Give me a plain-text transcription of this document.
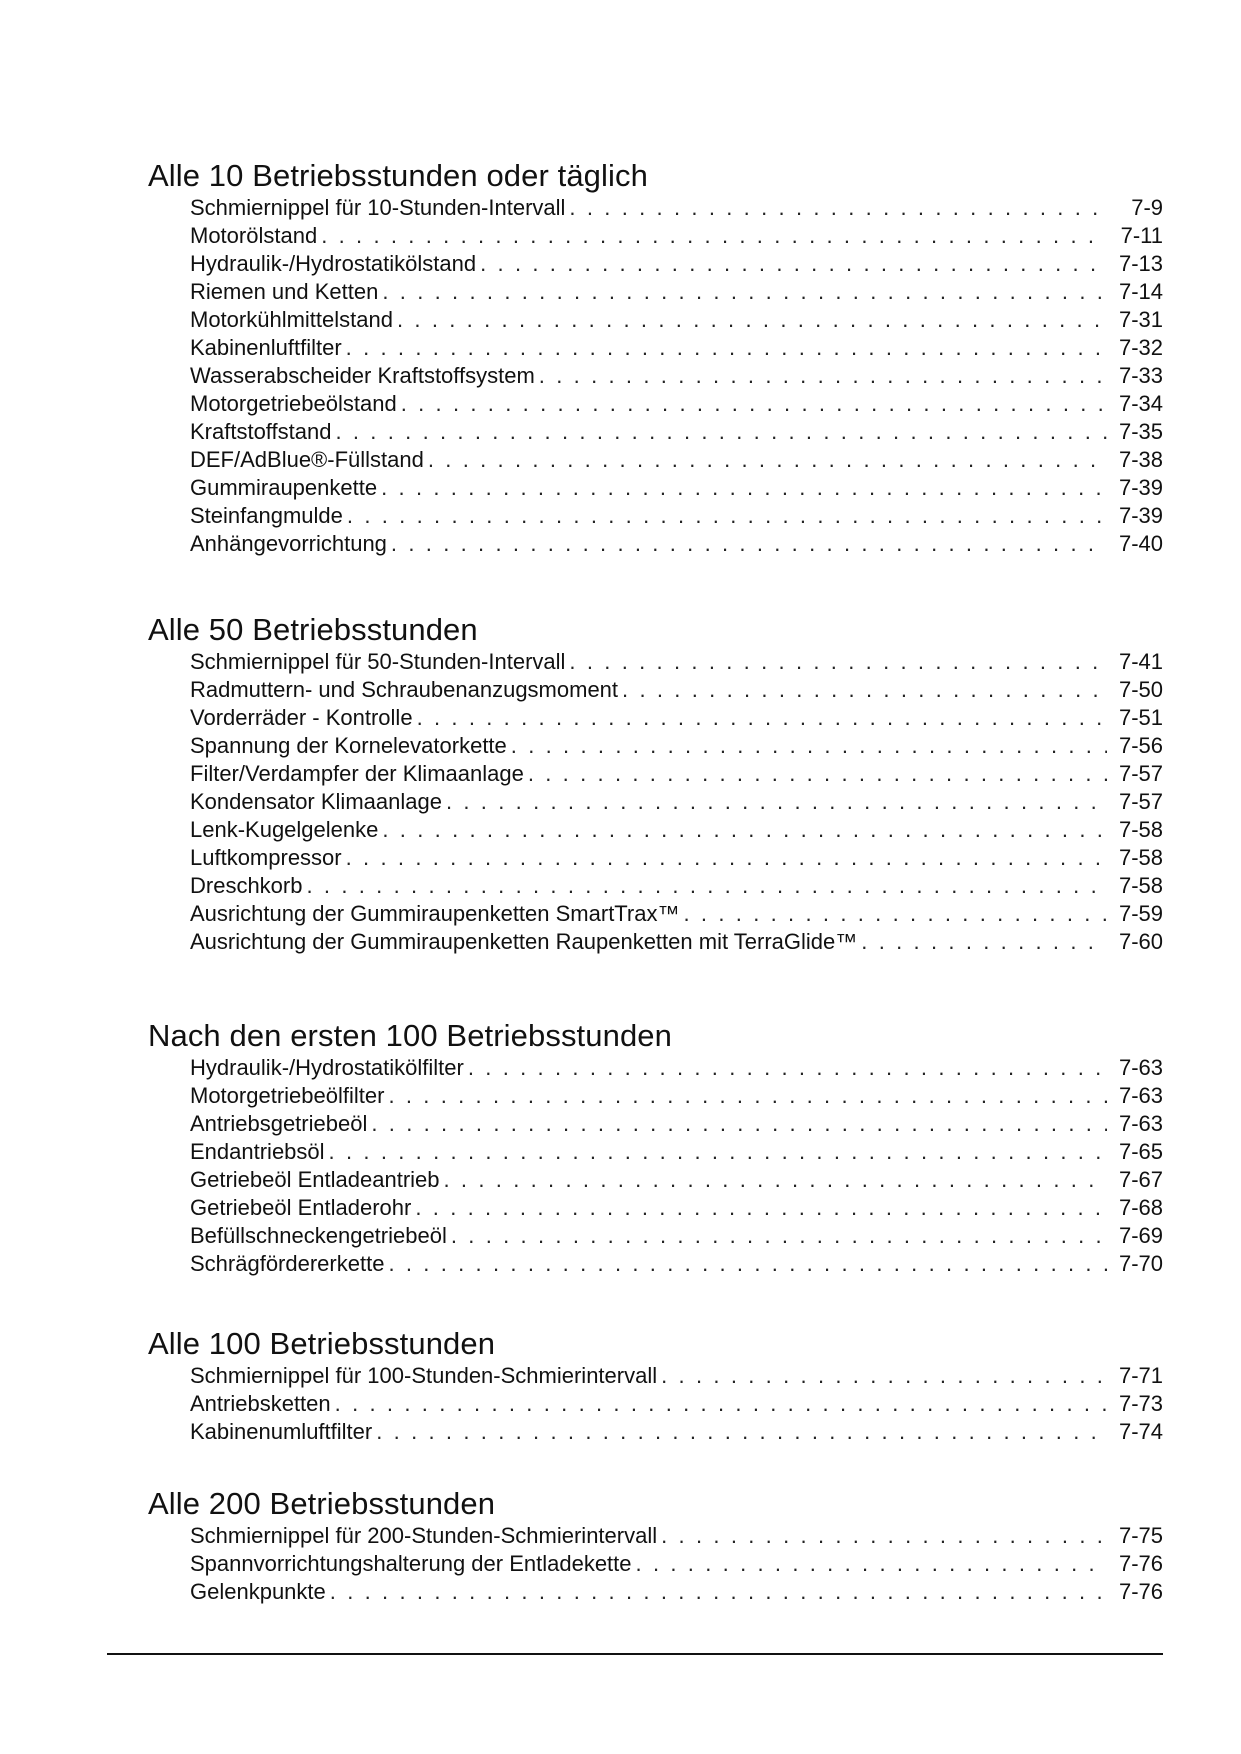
Alle 10 Betriebsstunden oder täglich
Schmiernippel für 10-Stunden-Intervall . . .	7-9
Motorölstand . . .	7-11
Hydraulik-/Hydrostatikölstand . . .	7-13
Riemen und Ketten . . .	7-14
Motorkühlmittelstand . . .	7-31
Kabinenluftfilter . . .	7-32
Wasserabscheider Kraftstoffsystem . . .	7-33
Motorgetriebeölstand . . .	7-34
Kraftstoffstand . . .	7-35
DEF/AdBlue®-Füllstand . . .	7-38
Gummiraupenkette . . .	7-39
Steinfangmulde . . .	7-39
Anhängevorrichtung . . .	7-40
Alle 50 Betriebsstunden
Schmiernippel für 50-Stunden-Intervall . . .	7-41
Radmuttern- und Schraubenanzugsmoment . . .	7-50
Vorderräder - Kontrolle . . .	7-51
Spannung der Kornelevatorkette . . .	7-56
Filter/Verdampfer der Klimaanlage . . .	7-57
Kondensator Klimaanlage . . .	7-57
Lenk-Kugelgelenke . . .	7-58
Luftkompressor . . .	7-58
Dreschkorb . . .	7-58
Ausrichtung der Gummiraupenketten SmartTrax™ . . .	7-59
Ausrichtung der Gummiraupenketten Raupenketten mit TerraGlide™ . . .	7-60
Nach den ersten 100 Betriebsstunden
Hydraulik-/Hydrostatikölfilter . . .	7-63
Motorgetriebeölfilter . . .	7-63
Antriebsgetriebeöl . . .	7-63
Endantriebsöl . . .	7-65
Getriebeöl Entladeantrieb . . .	7-67
Getriebeöl Entladerohr . . .	7-68
Befüllschneckengetriebeöl . . .	7-69
Schrägfördererkette . . .	7-70
Alle 100 Betriebsstunden
Schmiernippel für 100-Stunden-Schmierintervall . . .	7-71
Antriebsketten . . .	7-73
Kabinenumluftfilter . . .	7-74
Alle 200 Betriebsstunden
Schmiernippel für 200-Stunden-Schmierintervall . . .	7-75
Spannvorrichtungshalterung der Entladekette . . .	7-76
Gelenkpunkte . . .	7-76
